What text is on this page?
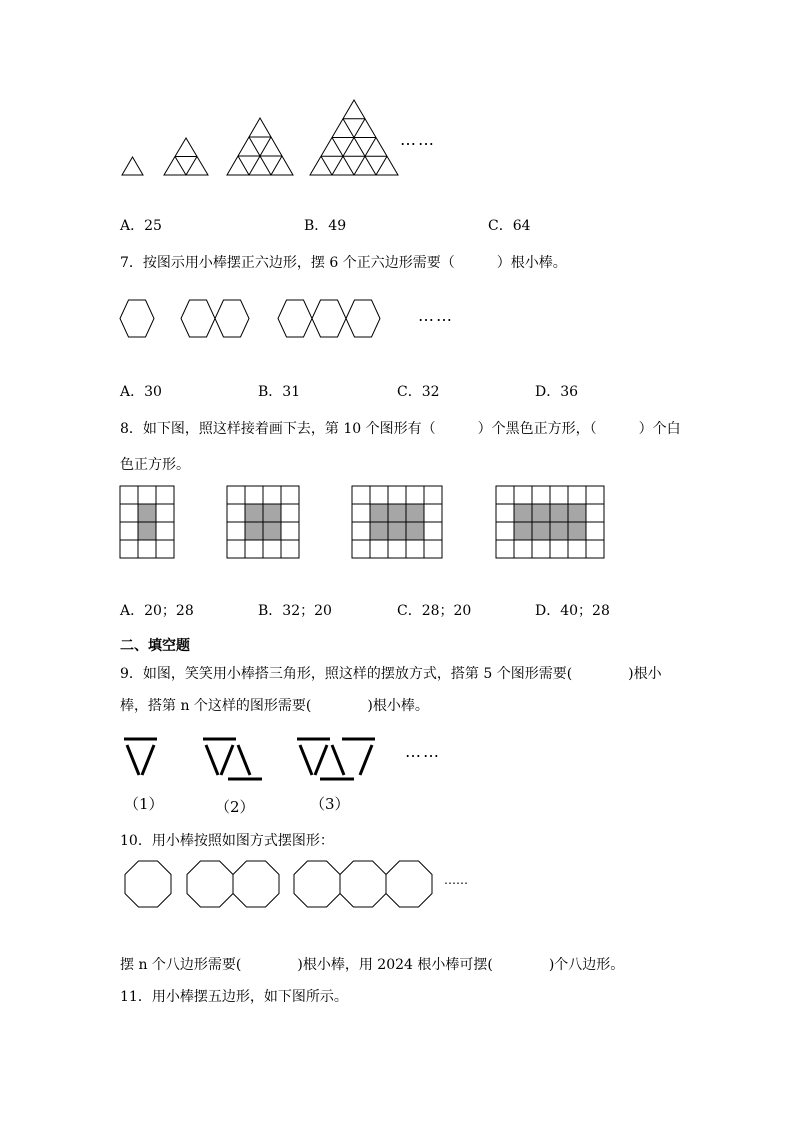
……
A．25	B．49	C．64
7．按图示用小棒摆正六边形，摆 6 个正六边形需要（　　　）根小棒。
……
A．30	B．31	C．32	D．36
8．如下图，照这样接着画下去，第 10 个图形有（　　　）个黑色正方形，（　　　）个白
色正方形。
A．20；28	B．32；20	C．28；20	D．40；28
二、填空题
9．如图，笑笑用小棒搭三角形，照这样的摆放方式，搭第 5 个图形需要(　　　　)根小
棒，搭第 n 个这样的图形需要(　　　　)根小棒。
……
（1）	（2）	（3）
10．用小棒按照如图方式摆图形：
……
摆 n 个八边形需要(　　　　)根小棒，用 2024 根小棒可摆(　　　　)个八边形。
11．用小棒摆五边形，如下图所示。
